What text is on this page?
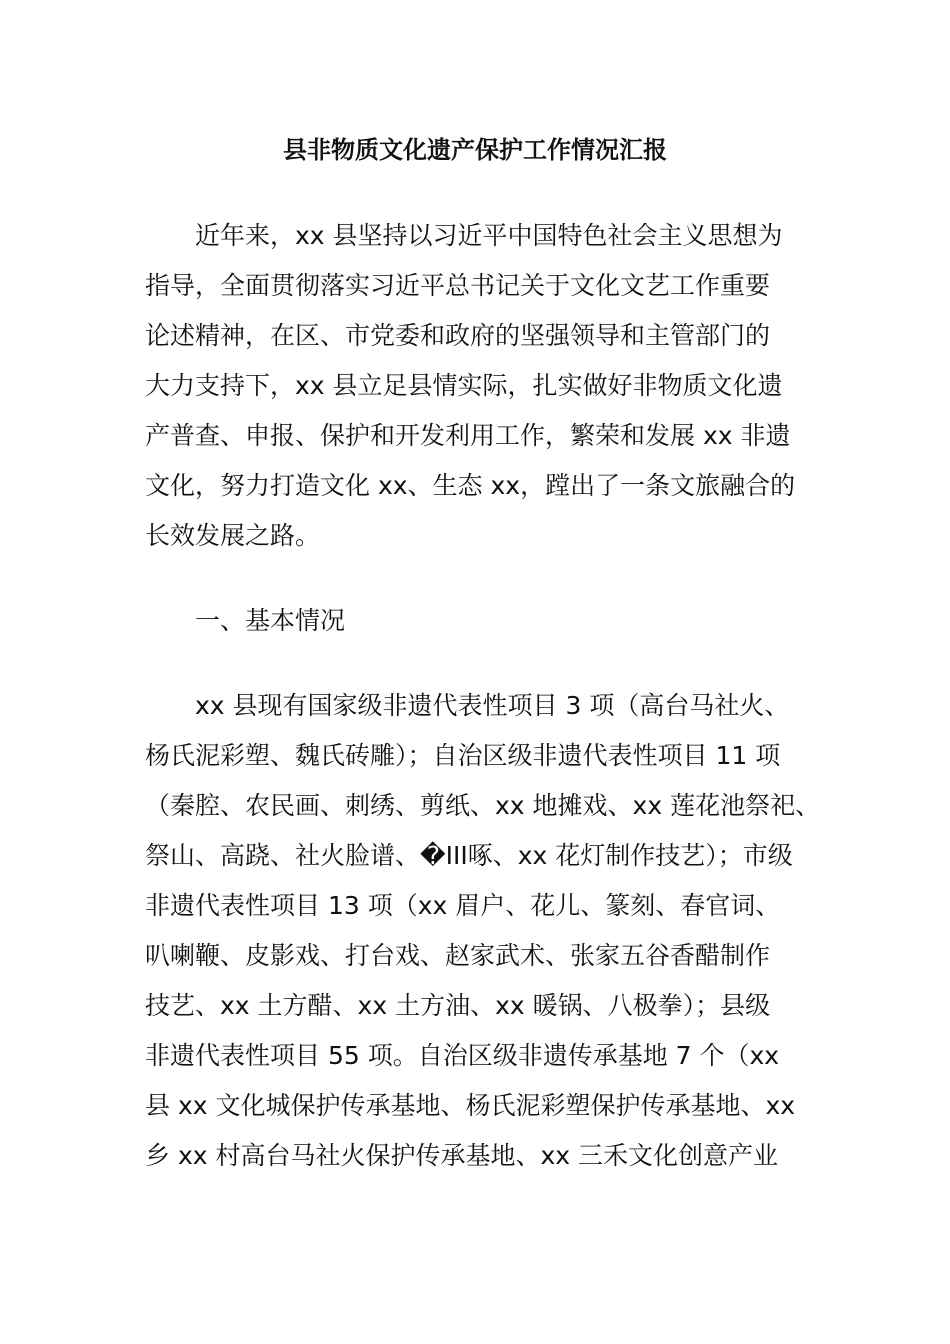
县非物质文化遗产保护工作情况汇报
近年来，xx 县坚持以习近平中国特色社会主义思想为
指导，全面贯彻落实习近平总书记关于文化文艺工作重要
论述精神，在区、市党委和政府的坚强领导和主管部门的
大力支持下，xx 县立足县情实际，扎实做好非物质文化遗
产普查、申报、保护和开发利用工作，繁荣和发展 xx 非遗
文化，努力打造文化 xx、生态 xx，蹚出了一条文旅融合的
长效发展之路。
一、基本情况
xx 县现有国家级非遗代表性项目 3 项（高台马社火、
杨氏泥彩塑、魏氏砖雕）；自治区级非遗代表性项目 11 项
（秦腔、农民画、刺绣、剪纸、xx 地摊戏、xx 莲花池祭祀、
祭山、高跷、社火脸谱、�III啄、xx 花灯制作技艺）；市级
非遗代表性项目 13 项（xx 眉户、花儿、篆刻、春官词、
叭喇鞭、皮影戏、打台戏、赵家武术、张家五谷香醋制作
技艺、xx 土方醋、xx 土方油、xx 暖锅、八极拳）；县级
非遗代表性项目 55 项。自治区级非遗传承基地 7 个（xx
县 xx 文化城保护传承基地、杨氏泥彩塑保护传承基地、xx
乡 xx 村高台马社火保护传承基地、xx 三禾文化创意产业
